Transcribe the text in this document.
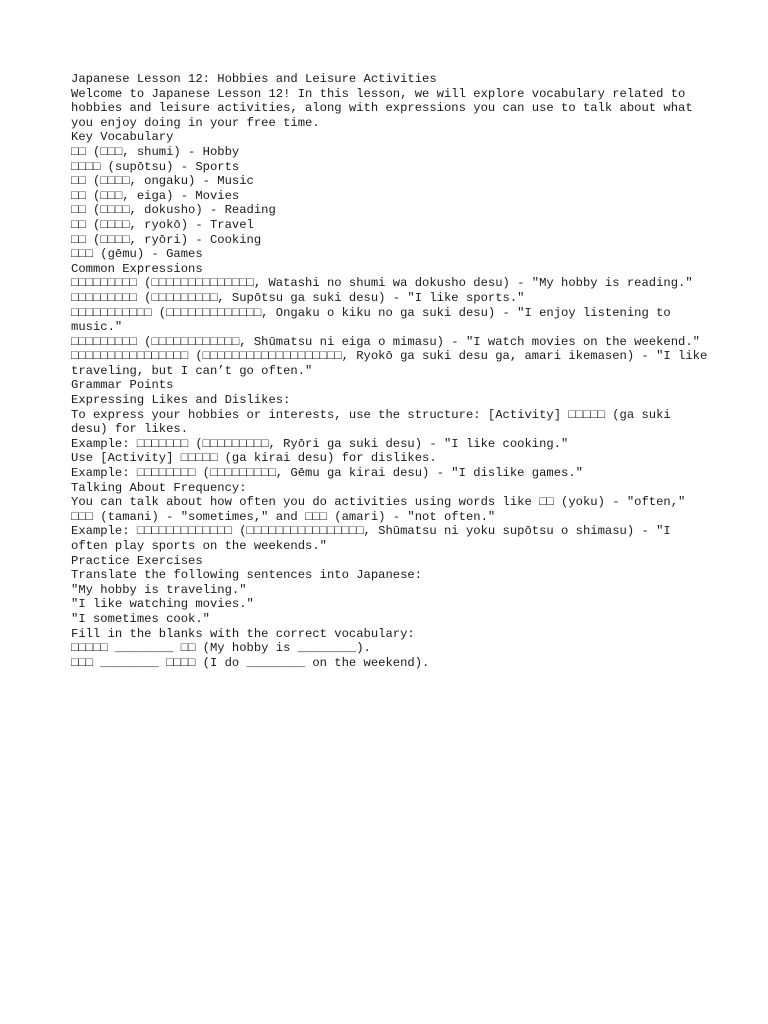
Japanese Lesson 12: Hobbies and Leisure Activities

Welcome to Japanese Lesson 12! In this lesson, we will explore vocabulary related to hobbies and leisure activities, along with expressions you can use to talk about what you enjoy doing in your free time.

Key Vocabulary

□□ (□□□, shumi) - Hobby

□□□□ (supōtsu) - Sports

□□ (□□□□, ongaku) - Music

□□ (□□□, eiga) - Movies

□□ (□□□□, dokusho) - Reading

□□ (□□□□, ryokō) - Travel

□□ (□□□□, ryōri) - Cooking

□□□ (gēmu) - Games

Common Expressions

□□□□□□□□□ (□□□□□□□□□□□□□□, Watashi no shumi wa dokusho desu) - "My hobby is reading."

□□□□□□□□□ (□□□□□□□□□, Supōtsu ga suki desu) - "I like sports."

□□□□□□□□□□□ (□□□□□□□□□□□□□, Ongaku o kiku no ga suki desu) - "I enjoy listening to music."

□□□□□□□□□ (□□□□□□□□□□□□, Shūmatsu ni eiga o mimasu) - "I watch movies on the weekend."

□□□□□□□□□□□□□□□□ (□□□□□□□□□□□□□□□□□□□, Ryokō ga suki desu ga, amari ikemasen) - "I like traveling, but I can’t go often."

Grammar Points

Expressing Likes and Dislikes:

To express your hobbies or interests, use the structure: [Activity] □□□□□ (ga suki desu) for likes.

Example: □□□□□□□ (□□□□□□□□□, Ryōri ga suki desu) - "I like cooking."

Use [Activity] □□□□□ (ga kirai desu) for dislikes.

Example: □□□□□□□□ (□□□□□□□□□, Gēmu ga kirai desu) - "I dislike games."

Talking About Frequency:

You can talk about how often you do activities using words like □□ (yoku) - "often," □□□ (tamani) - "sometimes," and □□□ (amari) - "not often."

Example: □□□□□□□□□□□□□ (□□□□□□□□□□□□□□□□, Shūmatsu ni yoku supōtsu o shimasu) - "I often play sports on the weekends."

Practice Exercises

Translate the following sentences into Japanese:

"My hobby is traveling."

"I like watching movies."

"I sometimes cook."

Fill in the blanks with the correct vocabulary:

□□□□□ ________ □□ (My hobby is ________).

□□□ ________ □□□□ (I do ________ on the weekend).
